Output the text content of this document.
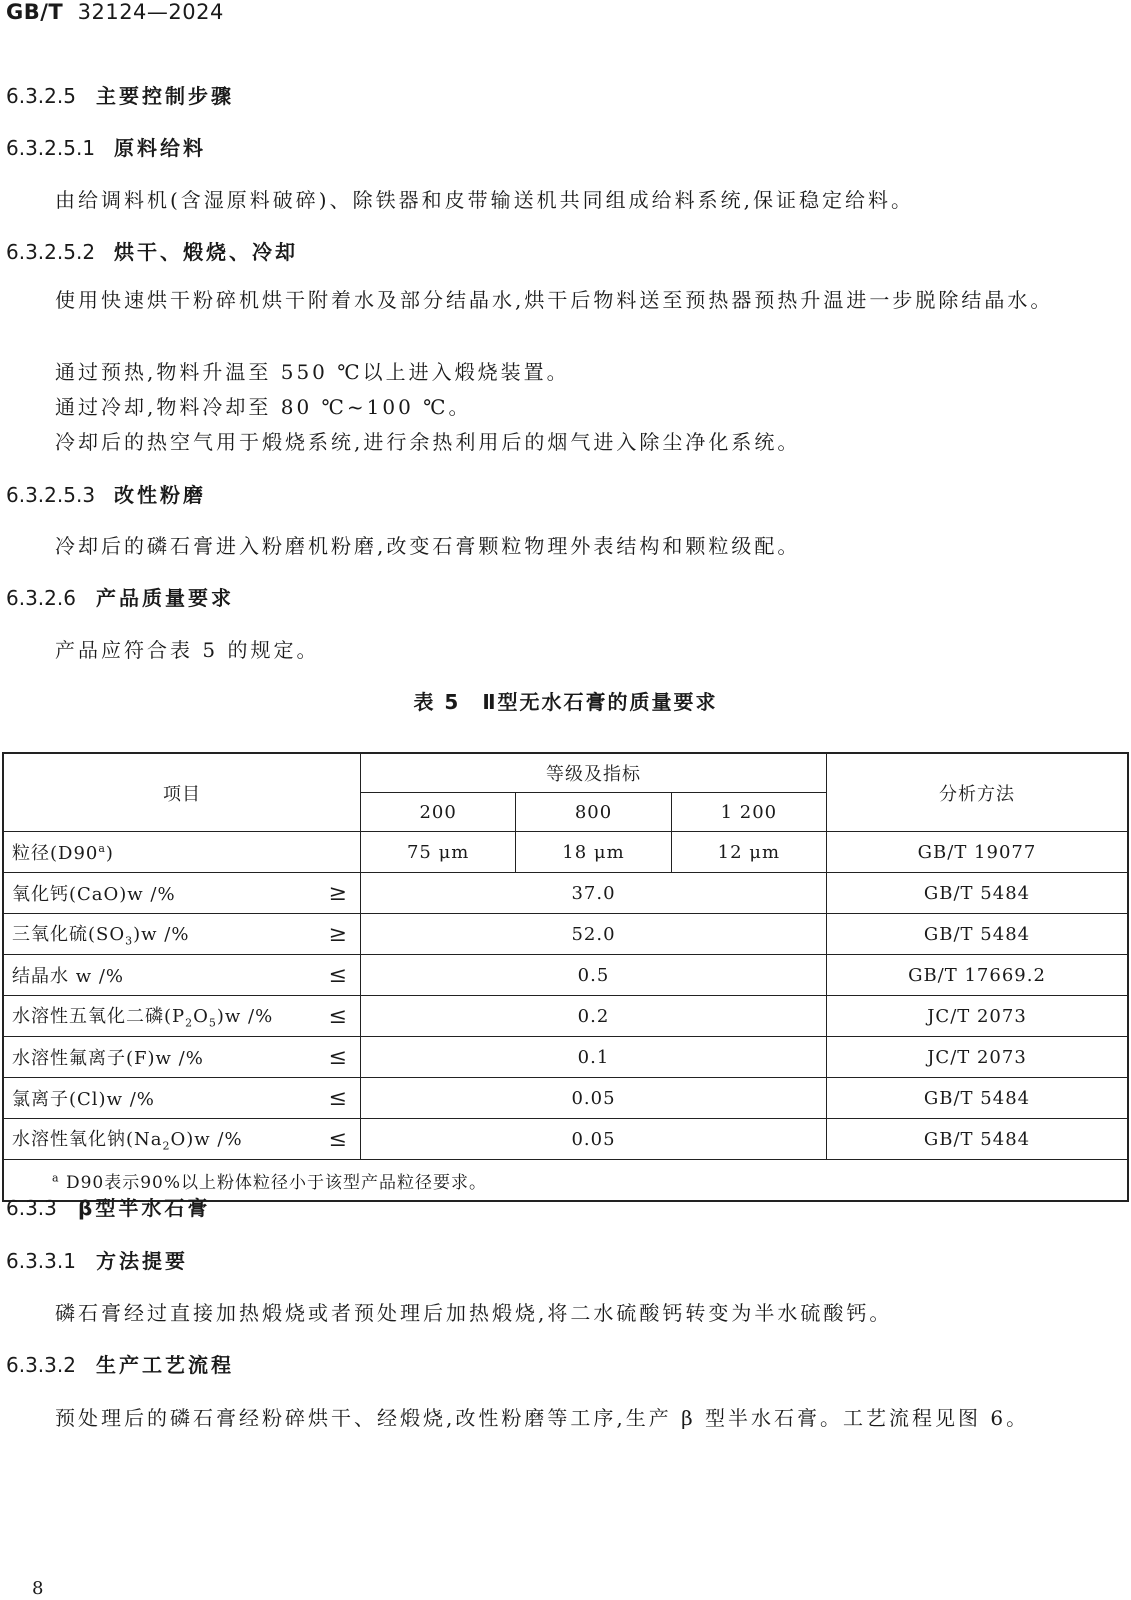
GB/T 32124—2024
6.3.2.5 主要控制步骤
6.3.2.5.1 原料给料
由给调料机(含湿原料破碎)、除铁器和皮带输送机共同组成给料系统,保证稳定给料。
6.3.2.5.2 烘干、煅烧、冷却
使用快速烘干粉碎机烘干附着水及部分结晶水,烘干后物料送至预热器预热升温进一步脱除结晶水。
通过预热,物料升温至 550 ℃以上进入煅烧装置。
通过冷却,物料冷却至 80 ℃~100 ℃。
冷却后的热空气用于煅烧系统,进行余热利用后的烟气进入除尘净化系统。
6.3.2.5.3 改性粉磨
冷却后的磷石膏进入粉磨机粉磨,改变石膏颗粒物理外表结构和颗粒级配。
6.3.2.6 产品质量要求
产品应符合表 5 的规定。
表 5　Ⅱ型无水石膏的质量要求
项目	等级及指标			分析方法
	200	800	1 200	
粒径(D90$^a$)	75 μm	18 μm	12 μm	GB/T 19077

氧化钙(CaO)w /% ≥	37.0			GB/T 5484

三氧化硫$(SO_3)w$ /% ≥	52.0			GB/T 5484

结晶水 w /% ≤	0.5			GB/T 17669.2

水溶性五氧化二磷$(P_2O_5)w$ /% ≤	0.2			JC/T 2073

水溶性氟离子(F)w /% ≤	0.1			JC/T 2073

氯离子(Cl)w /% ≤	0.05			GB/T 5484

水溶性氧化钠$(Na_2O)w$ /% ≤	0.05			GB/T 5484
$^a$ D90表示90%以上粉体粒径小于该型产品粒径要求。				
6.3.3 β型半水石膏
6.3.3.1 方法提要
磷石膏经过直接加热煅烧或者预处理后加热煅烧,将二水硫酸钙转变为半水硫酸钙。
6.3.3.2 生产工艺流程
预处理后的磷石膏经粉碎烘干、经煅烧,改性粉磨等工序,生产 β 型半水石膏。工艺流程见图 6。
8
